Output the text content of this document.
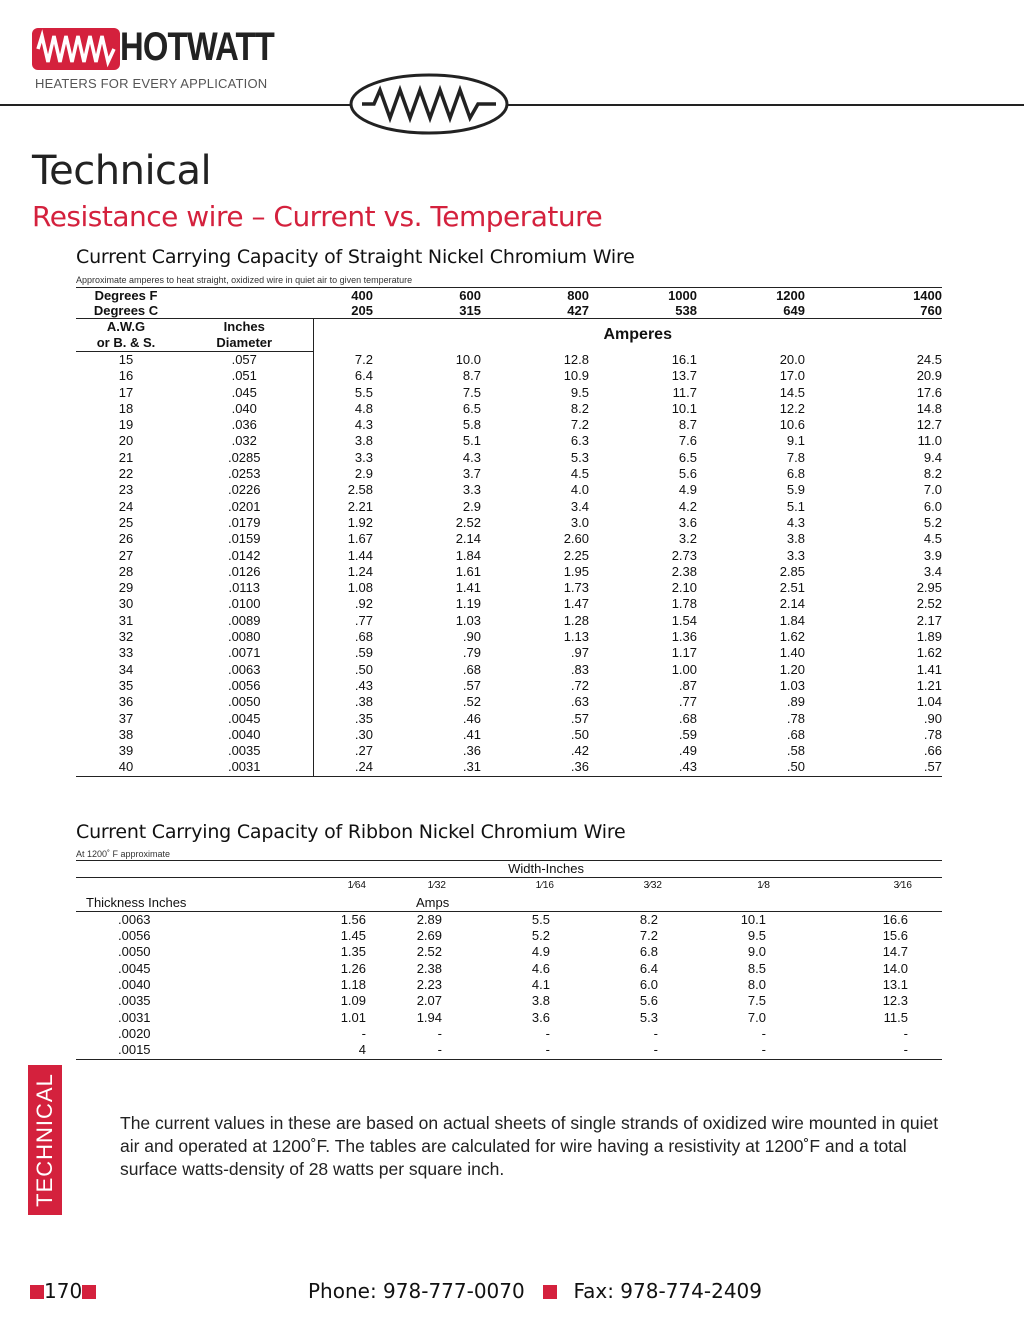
HOTWATT
HEATERS FOR EVERY APPLICATION
Technical
Resistance wire – Current vs. Temperature
Current Carrying Capacity of Straight Nickel Chromium Wire
Approximate amperes to heat straight, oxidized wire in quiet air to given temperature
Degrees F		400	600	800	1000	1200	1400
Degrees C		205	315	427	538	649	760
A.W.G	Inches	Amperes					
or B. & S.	Diameter						
15	.057	7.2	10.0	12.8	16.1	20.0	24.5
16	.051	6.4	8.7	10.9	13.7	17.0	20.9
17	.045	5.5	7.5	9.5	11.7	14.5	17.6
18	.040	4.8	6.5	8.2	10.1	12.2	14.8
19	.036	4.3	5.8	7.2	8.7	10.6	12.7
20	.032	3.8	5.1	6.3	7.6	9.1	11.0
21	.0285	3.3	4.3	5.3	6.5	7.8	9.4
22	.0253	2.9	3.7	4.5	5.6	6.8	8.2
23	.0226	2.58	3.3	4.0	4.9	5.9	7.0
24	.0201	2.21	2.9	3.4	4.2	5.1	6.0
25	.0179	1.92	2.52	3.0	3.6	4.3	5.2
26	.0159	1.67	2.14	2.60	3.2	3.8	4.5
27	.0142	1.44	1.84	2.25	2.73	3.3	3.9
28	.0126	1.24	1.61	1.95	2.38	2.85	3.4
29	.0113	1.08	1.41	1.73	2.10	2.51	2.95
30	.0100	.92	1.19	1.47	1.78	2.14	2.52
31	.0089	.77	1.03	1.28	1.54	1.84	2.17
32	.0080	.68	.90	1.13	1.36	1.62	1.89
33	.0071	.59	.79	.97	1.17	1.40	1.62
34	.0063	.50	.68	.83	1.00	1.20	1.41
35	.0056	.43	.57	.72	.87	1.03	1.21
36	.0050	.38	.52	.63	.77	.89	1.04
37	.0045	.35	.46	.57	.68	.78	.90
38	.0040	.30	.41	.50	.59	.68	.78
39	.0035	.27	.36	.42	.49	.58	.66
40	.0031	.24	.31	.36	.43	.50	.57
Current Carrying Capacity of Ribbon Nickel Chromium Wire
At 1200˚ F approximate
	Width-Inches					
	1⁄64	1⁄32	1⁄16	3⁄32	1⁄8	3⁄16
Thickness Inches		Amps				
.0063	1.56	2.89	5.5	8.2	10.1	16.6
.0056	1.45	2.69	5.2	7.2	9.5	15.6
.0050	1.35	2.52	4.9	6.8	9.0	14.7
.0045	1.26	2.38	4.6	6.4	8.5	14.0
.0040	1.18	2.23	4.1	6.0	8.0	13.1
.0035	1.09	2.07	3.8	5.6	7.5	12.3
.0031	1.01	1.94	3.6	5.3	7.0	11.5
.0020	-	-	-	-	-	-
.0015	4	-	-	-	-	-
The current values in these are based on actual sheets of single strands of oxidized wire mounted in quiet air and operated at 1200˚F. The tables are calculated for wire having a resistivity at 1200˚F and a total surface watts-density of 28 watts per square inch.
TECHNICAL
170	Phone: 978-777-0070 Fax: 978-774-2409
